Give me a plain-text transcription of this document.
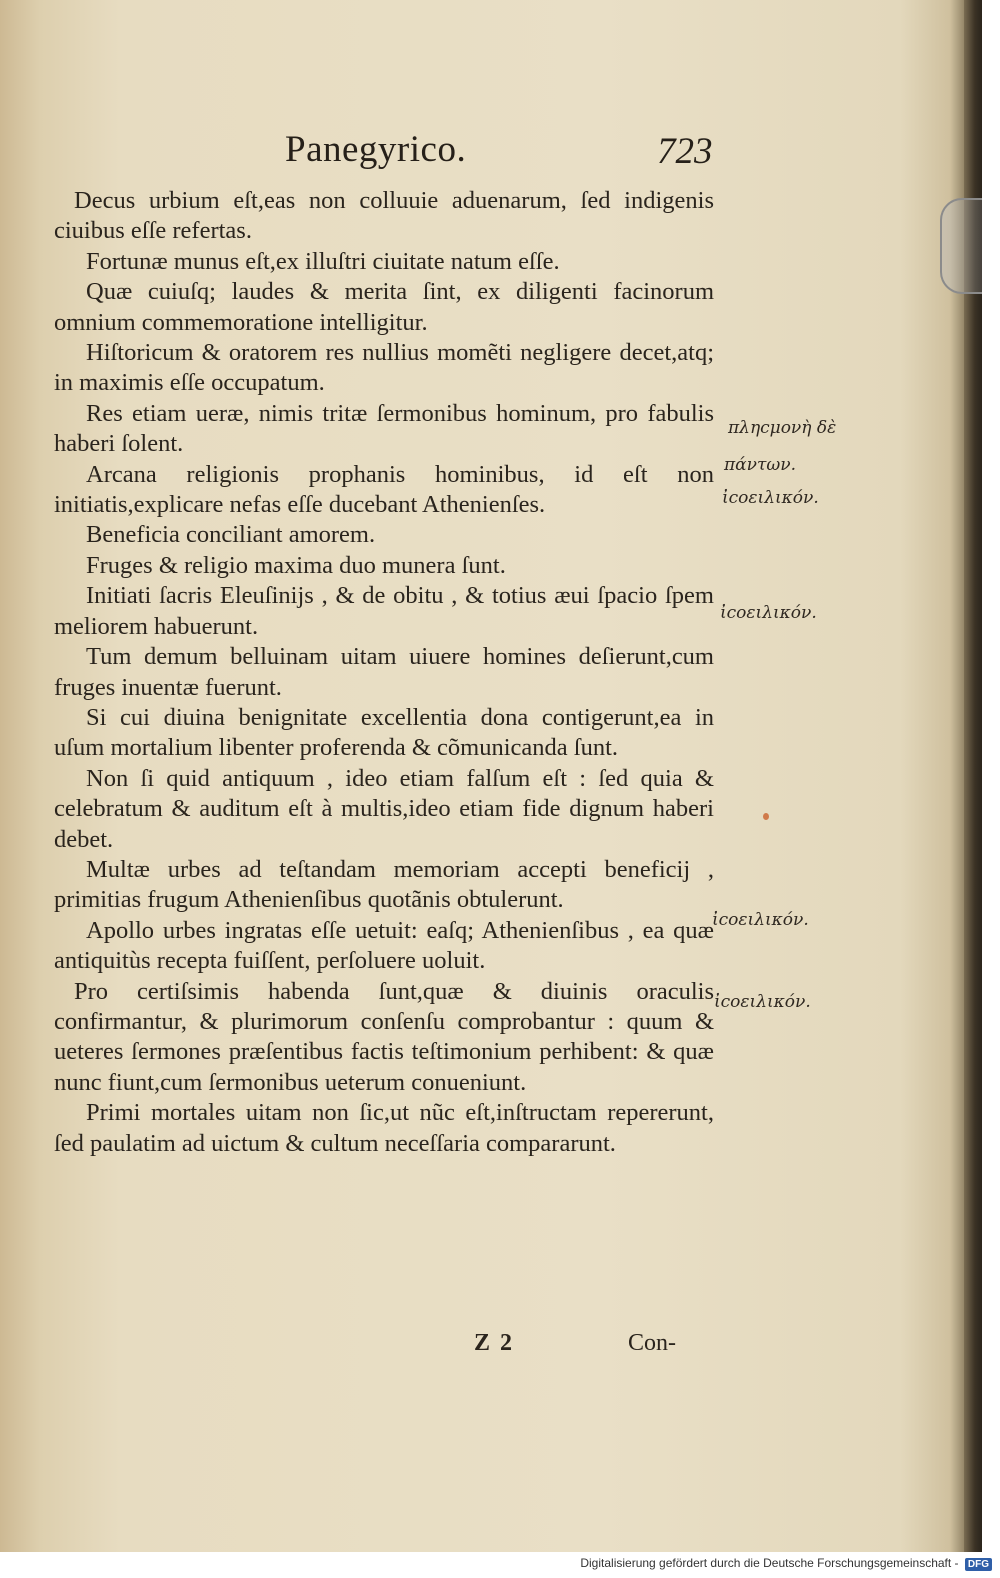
Panegyrico.	723

Decus urbium eſt,eas non colluuie aduenarum, ſed indigenis ciuibus eſſe refertas.

Fortunæ munus eſt,ex illuſtri ciuitate natum eſſe.

Quæ cuiuſq; laudes & merita ſint, ex diligenti facinorum omnium commemoratione intelligitur.

Hiſtoricum & oratorem res nullius momẽti negligere decet,atq; in maximis eſſe occupatum.

Res etiam ueræ, nimis tritæ ſermonibus hominum, pro fabulis haberi ſolent.

Arcana religionis prophanis hominibus, id eſt non initiatis,explicare nefas eſſe ducebant Athenienſes.

Beneficia conciliant amorem.

Fruges & religio maxima duo munera ſunt.

Initiati ſacris Eleuſinijs , & de obitu , & totius æui ſpacio ſpem meliorem habuerunt.

Tum demum belluinam uitam uiuere homines deſierunt,cum fruges inuentæ fuerunt.

Si cui diuina benignitate excellentia dona contigerunt,ea in uſum mortalium libenter proferenda & cõmunicanda ſunt.

Non ſi quid antiquum , ideo etiam falſum eſt : ſed quia & celebratum & auditum eſt à multis,ideo etiam fide dignum haberi debet.

Multæ urbes ad teſtandam memoriam accepti beneficij , primitias frugum Athenienſibus quotãnis obtulerunt.

Apollo urbes ingratas eſſe uetuit: eaſq; Athenienſibus , ea quæ antiquitùs recepta fuiſſent, perſoluere uoluit.

Pro certiſsimis habenda ſunt,quæ & diuinis oraculis confirmantur, & plurimorum conſenſu comprobantur : quum & ueteres ſermones præſentibus factis teſtimonium perhibent: & quæ nunc fiunt,cum ſermonibus ueterum conueniunt.

Primi mortales uitam non ſic,ut nũc eſt,inſtructam repererunt, ſed paulatim ad uictum & cultum neceſſaria compararunt.

πληϲμονὴ δὲ
πάντων.
ἰϲοειλικόν.
ἰϲοειλικόν.
ἰϲοειλικόν.
ἰϲοειλικόν.
Z 2	Con-
Digitalisierung gefördert durch die Deutsche Forschungsgemeinschaft - DFG
